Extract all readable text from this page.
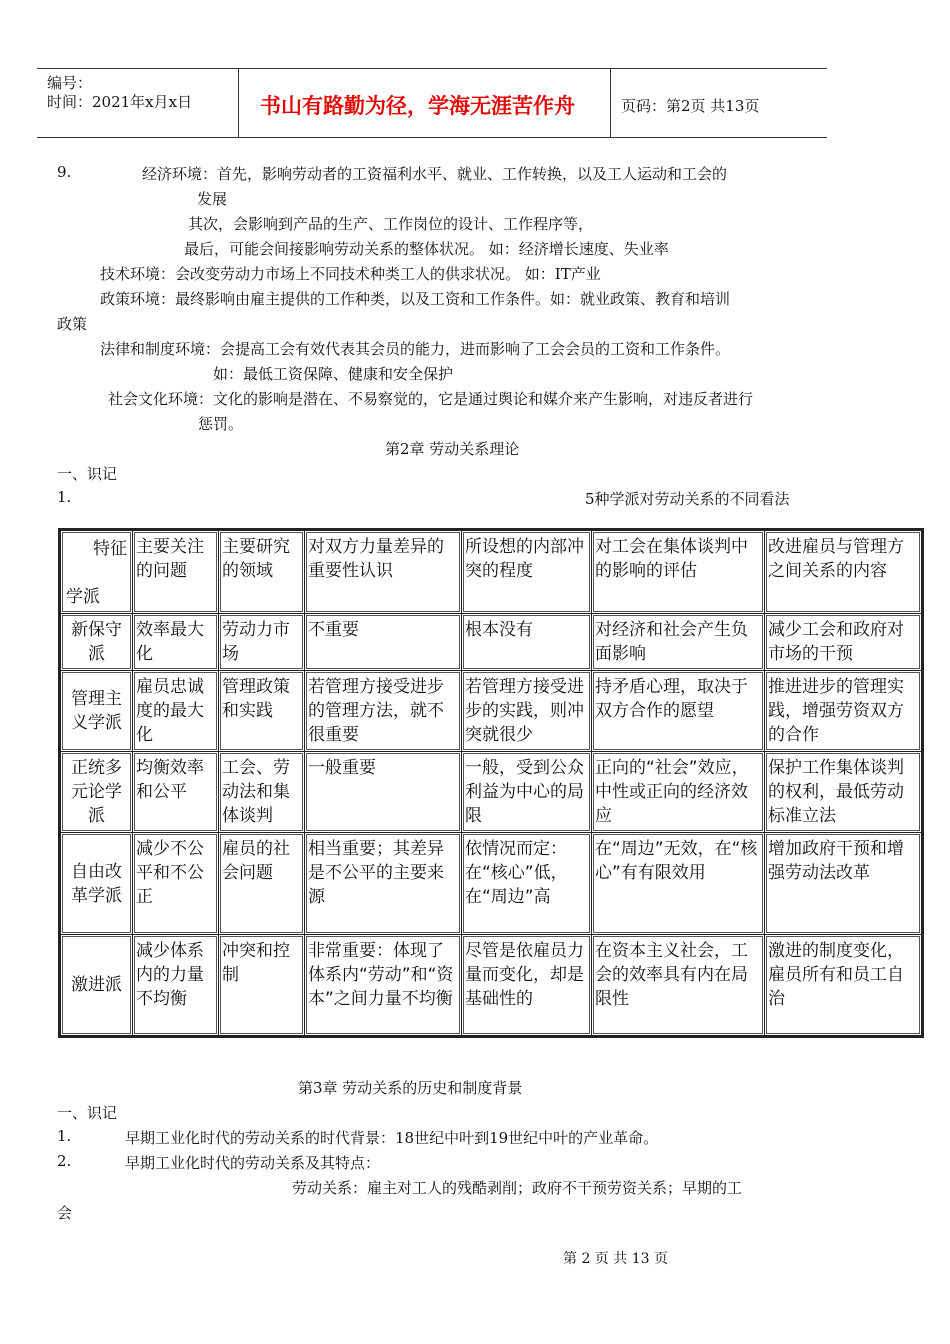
编号：
时间：2021年x月x日	书山有路勤为径，学海无涯苦作舟	页码：第2页 共13页
9.	经济环境：首先，影响劳动者的工资福利水平、就业、工作转换，以及工人运动和工会的
发展
其次，会影响到产品的生产、工作岗位的设计、工作程序等，
最后，可能会间接影响劳动关系的整体状况。 如：经济增长速度、失业率
技术环境：会改变劳动力市场上不同技术种类工人的供求状况。 如：IT产业
政策环境：最终影响由雇主提供的工作种类，以及工资和工作条件。如：就业政策、教育和培训
政策
法律和制度环境：会提高工会有效代表其会员的能力，进而影响了工会会员的工资和工作条件。
如：最低工资保障、健康和安全保护
社会文化环境：文化的影响是潜在、不易察觉的，它是通过舆论和媒介来产生影响，对违反者进行
惩罚。
第2章 劳动关系理论
一、识记
1.	5种学派对劳动关系的不同看法
特征
学派	主要关注的问题	主要研究的领域	对双方力量差异的重要性认识	所设想的内部冲突的程度	对工会在集体谈判中的影响的评估	改进雇员与管理方之间关系的内容
新保守派	效率最大化	劳动力市场	不重要	根本没有	对经济和社会产生负面影响	减少工会和政府对市场的干预
管理主义学派	雇员忠诚度的最大化	管理政策和实践	若管理方接受进步的管理方法，就不很重要	若管理方接受进步的实践，则冲突就很少	持矛盾心理，取决于双方合作的愿望	推进进步的管理实践，增强劳资双方的合作
正统多元论学派	均衡效率和公平	工会、劳动法和集体谈判	一般重要	一般，受到公众利益为中心的局限	正向的“社会”效应，中性或正向的经济效应	保护工作集体谈判的权利，最低劳动标准立法
自由改革学派	减少不公平和不公正	雇员的社会问题	相当重要；其差异是不公平的主要来源	依情况而定：在“核心”低，在“周边”高	在“周边”无效，在“核心”有有限效用	增加政府干预和增强劳动法改革
激进派	减少体系内的力量不均衡	冲突和控制	非常重要：体现了体系内“劳动”和“资本”之间力量不均衡	尽管是依雇员力量而变化，却是基础性的	在资本主义社会，工会的效率具有内在局限性	激进的制度变化，雇员所有和员工自治
第3章 劳动关系的历史和制度背景
一、识记
1.	早期工业化时代的劳动关系的时代背景：18世纪中叶到19世纪中叶的产业革命。
2.	早期工业化时代的劳动关系及其特点：
劳动关系：雇主对工人的残酷剥削；政府不干预劳资关系；早期的工
会
第 2 页 共 13 页
